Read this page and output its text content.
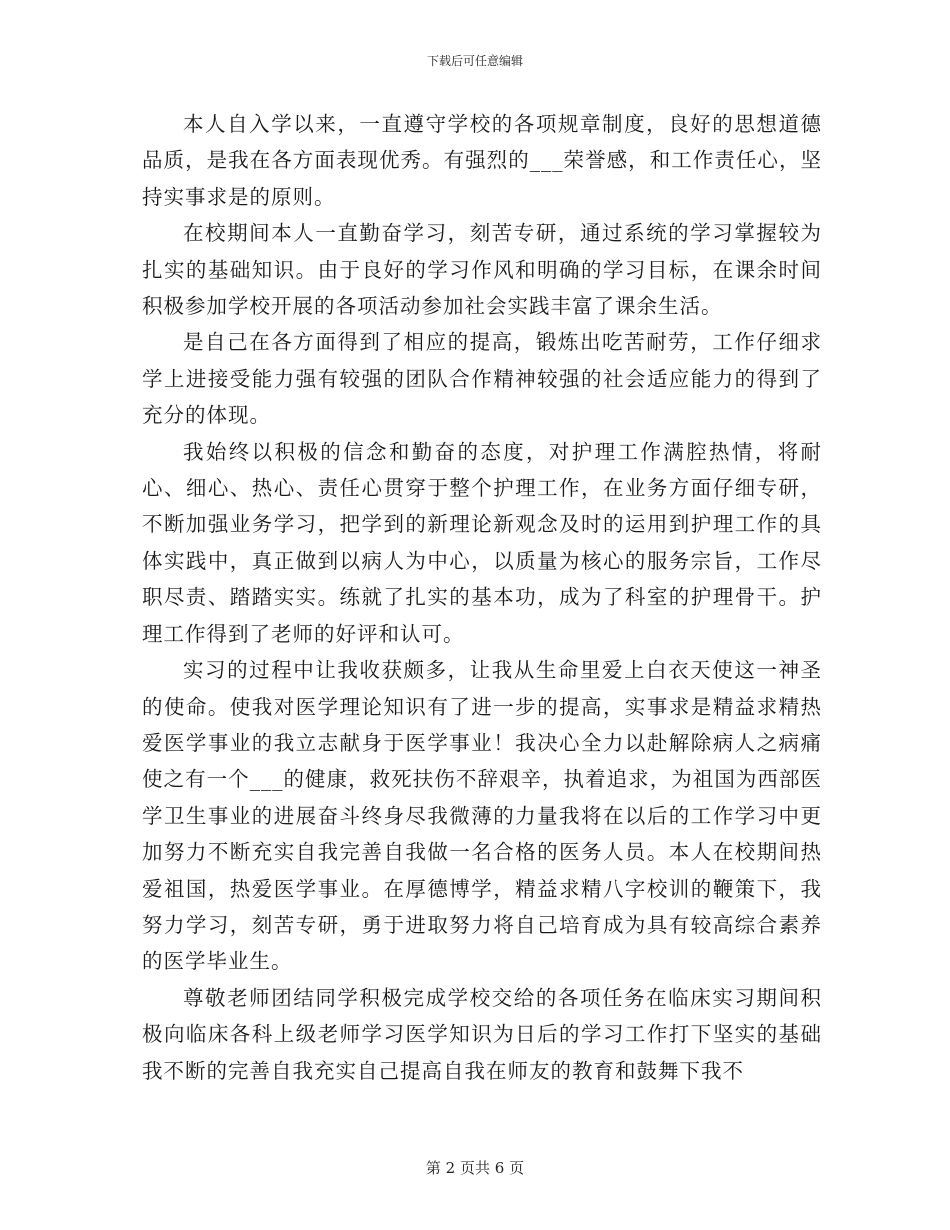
下载后可任意编辑

本人自入学以来，一直遵守学校的各项规章制度，良好的思想道德品质，是我在各方面表现优秀。有强烈的___荣誉感，和工作责任心，坚持实事求是的原则。

在校期间本人一直勤奋学习，刻苦专研，通过系统的学习掌握较为扎实的基础知识。由于良好的学习作风和明确的学习目标，在课余时间积极参加学校开展的各项活动参加社会实践丰富了课余生活。

是自己在各方面得到了相应的提高，锻炼出吃苦耐劳，工作仔细求学上进接受能力强有较强的团队合作精神较强的社会适应能力的得到了充分的体现。

我始终以积极的信念和勤奋的态度，对护理工作满腔热情，将耐心、细心、热心、责任心贯穿于整个护理工作，在业务方面仔细专研，不断加强业务学习，把学到的新理论新观念及时的运用到护理工作的具体实践中，真正做到以病人为中心，以质量为核心的服务宗旨，工作尽职尽责、踏踏实实。练就了扎实的基本功，成为了科室的护理骨干。护理工作得到了老师的好评和认可。

实习的过程中让我收获颇多，让我从生命里爱上白衣天使这一神圣的使命。使我对医学理论知识有了进一步的提高，实事求是精益求精热爱医学事业的我立志献身于医学事业！我决心全力以赴解除病人之病痛使之有一个___的健康，救死扶伤不辞艰辛，执着追求，为祖国为西部医学卫生事业的进展奋斗终身尽我微薄的力量我将在以后的工作学习中更加努力不断充实自我完善自我做一名合格的医务人员。本人在校期间热爱祖国，热爱医学事业。在厚德博学，精益求精八字校训的鞭策下，我努力学习，刻苦专研，勇于进取努力将自己培育成为具有较高综合素养的医学毕业生。

尊敬老师团结同学积极完成学校交给的各项任务在临床实习期间积极向临床各科上级老师学习医学知识为日后的学习工作打下坚实的基础我不断的完善自我充实自己提高自我在师友的教育和鼓舞下我不

第 2 页共 6 页
